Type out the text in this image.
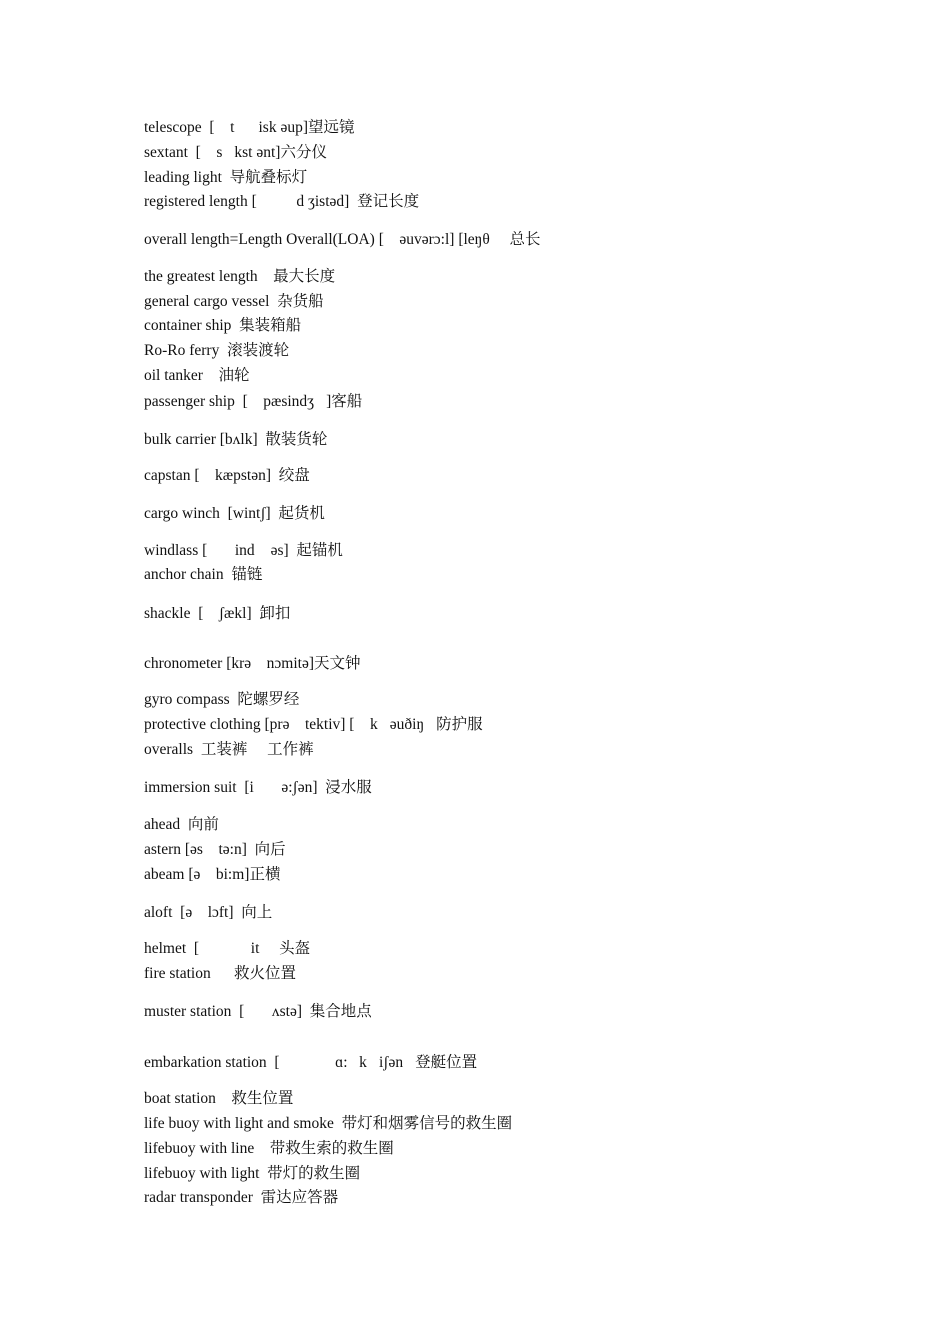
telescope  [    t  isk əup]望远镜
sextant  [    s kst ənt]六分仪
leading light  导航叠标灯
registered length [      d ʒistəd]  登记长度
overall length=Length Overall(LOA) [    əuvərɔ:l] [leŋθ   总长
the greatest length    最大长度
general cargo vessel  杂货船
container ship  集装箱船
Ro-Ro ferry  滚装渡轮
oil tanker    油轮
passenger ship  [    pæsindʒ ]客船
bulk carrier [bʌlk]  散装货轮
capstan [    kæpstən]  绞盘
cargo winch  [wintʃ]  起货机
windlass [     ind  əs]  起锚机
anchor chain  锚链
shackle  [    ʃækl]  卸扣
chronometer [krə    nɔmitə]天文钟
gyro compass  陀螺罗经
protective clothing [prə    tektiv] [    k əuðiŋ 防护服
overalls  工装裤   工作裤
immersion suit  [i     ə:ʃən]  浸水服
ahead  向前
astern [əs    tə:n]  向后
abeam [ə    bi:m]正横
aloft  [ə    lɔft]  向上
helmet  [       it   头盔
fire station      救火位置
muster station  [     ʌstə]  集合地点
embarkation station  [        ɑ:   k iʃən 登艇位置
boat station    救生位置
life buoy with light and smoke  带灯和烟雾信号的救生圈
lifebuoy with line    带救生索的救生圈
lifebuoy with light  带灯的救生圈
radar transponder  雷达应答器
